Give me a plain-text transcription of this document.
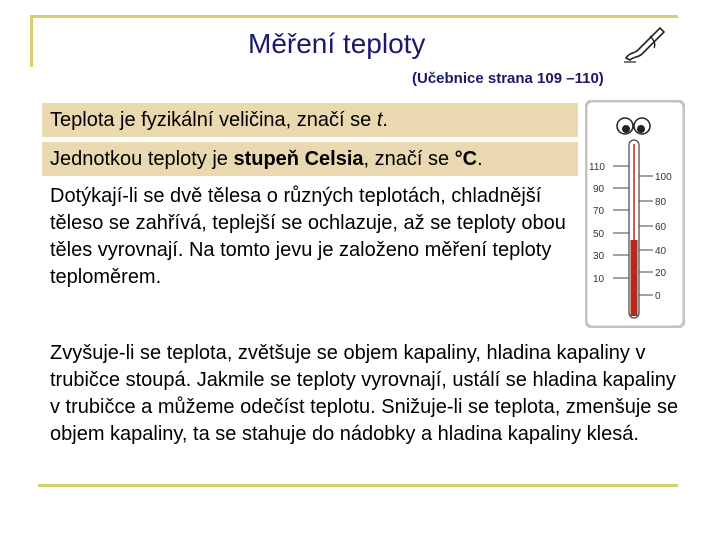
Měření teploty
(Učebnice strana 109 –110)
Teplota je fyzikální veličina, značí se t.
Jednotkou teploty je stupeň Celsia, značí se °C.
Dotýkají-li se dvě tělesa o různých teplotách, chladnější těleso se zahřívá, teplejší se ochlazuje, až se teploty obou těles vyrovnají. Na tomto jevu je založeno měření teploty teploměrem.
Zvyšuje-li se teplota, zvětšuje se objem kapaliny, hladina kapaliny v trubičce stoupá. Jakmile se teploty vyrovnají, ustálí se hladina kapaliny v trubičce a můžeme odečíst teplotu. Snižuje-li se teplota, zmenšuje se objem kapaliny, ta se stahuje do nádobky a hladina kapaliny klesá.
110
90
70
50
30
10
100
80
60
40
20
0
